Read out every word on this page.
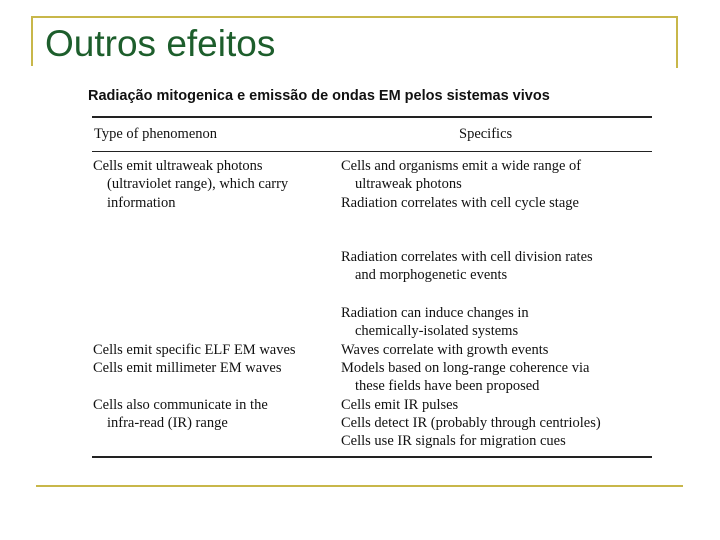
Outros efeitos
Radiação mitogenica e emissão de ondas EM pelos sistemas vivos
Type of phenomenon	Specifics
Cells emit ultraweak photons
(ultraviolet range), which carry
information
Cells emit specific ELF EM waves
Cells emit millimeter EM waves
Cells also communicate in the
infra-read (IR) range
Cells and organisms emit a wide range of
ultraweak photons
Radiation correlates with cell cycle stage
Radiation correlates with cell division rates
and morphogenetic events
Radiation can induce changes in
chemically-isolated systems
Waves correlate with growth events
Models based on long-range coherence via
these fields have been proposed
Cells emit IR pulses
Cells detect IR (probably through centrioles)
Cells use IR signals for migration cues
